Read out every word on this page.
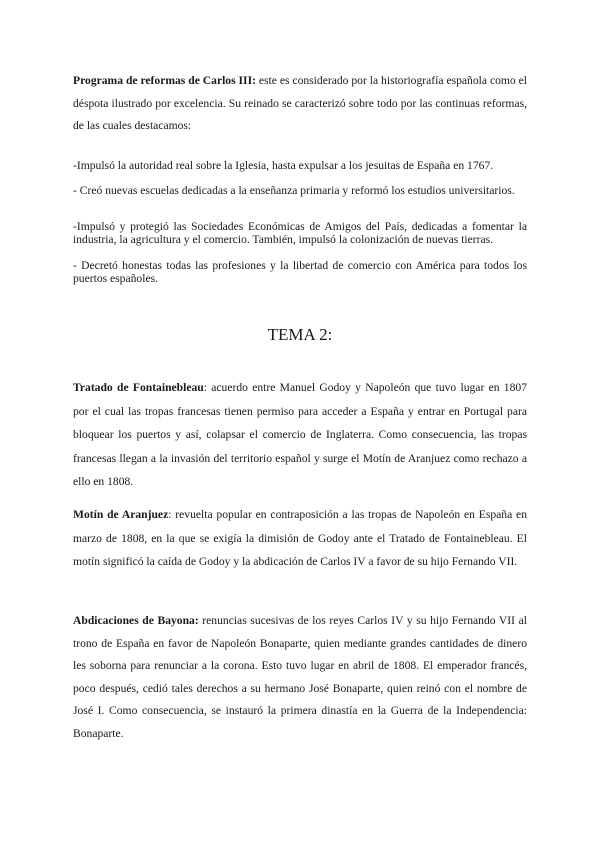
Programa de reformas de Carlos III: este es considerado por la historiografía española como el déspota ilustrado por excelencia. Su reinado se caracterizó sobre todo por las continuas reformas, de las cuales destacamos:

-Impulsó la autoridad real sobre la Iglesia, hasta expulsar a los jesuitas de España en 1767.

- Creó nuevas escuelas dedicadas a la enseñanza primaria y reformó los estudios universitarios.

-Impulsó y protegió las Sociedades Económicas de Amigos del País, dedicadas a fomentar la industria, la agricultura y el comercio. También, impulsó la colonización de nuevas tierras.

- Decretó honestas todas las profesiones y la libertad de comercio con América para todos los puertos españoles.

TEMA 2:

Tratado de Fontainebleau: acuerdo entre Manuel Godoy y Napoleón que tuvo lugar en 1807 por el cual las tropas francesas tienen permiso para acceder a España y entrar en Portugal para bloquear los puertos y así, colapsar el comercio de Inglaterra. Como consecuencia, las tropas francesas llegan a la invasión del territorio español y surge el Motín de Aranjuez como rechazo a ello en 1808.

Motín de Aranjuez: revuelta popular en contraposición a las tropas de Napoleón en España en marzo de 1808, en la que se exigía la dimisión de Godoy ante el Tratado de Fontainebleau. El motín significó la caída de Godoy y la abdicación de Carlos IV a favor de su hijo Fernando VII.

Abdicaciones de Bayona: renuncias sucesivas de los reyes Carlos IV y su hijo Fernando VII al trono de España en favor de Napoleón Bonaparte, quien mediante grandes cantidades de dinero les soborna para renunciar a la corona. Esto tuvo lugar en abril de 1808. El emperador francés, poco después, cedió tales derechos a su hermano José Bonaparte, quien reinó con el nombre de José I. Como consecuencia, se instauró la primera dinastía en la Guerra de la Independencia: Bonaparte.
